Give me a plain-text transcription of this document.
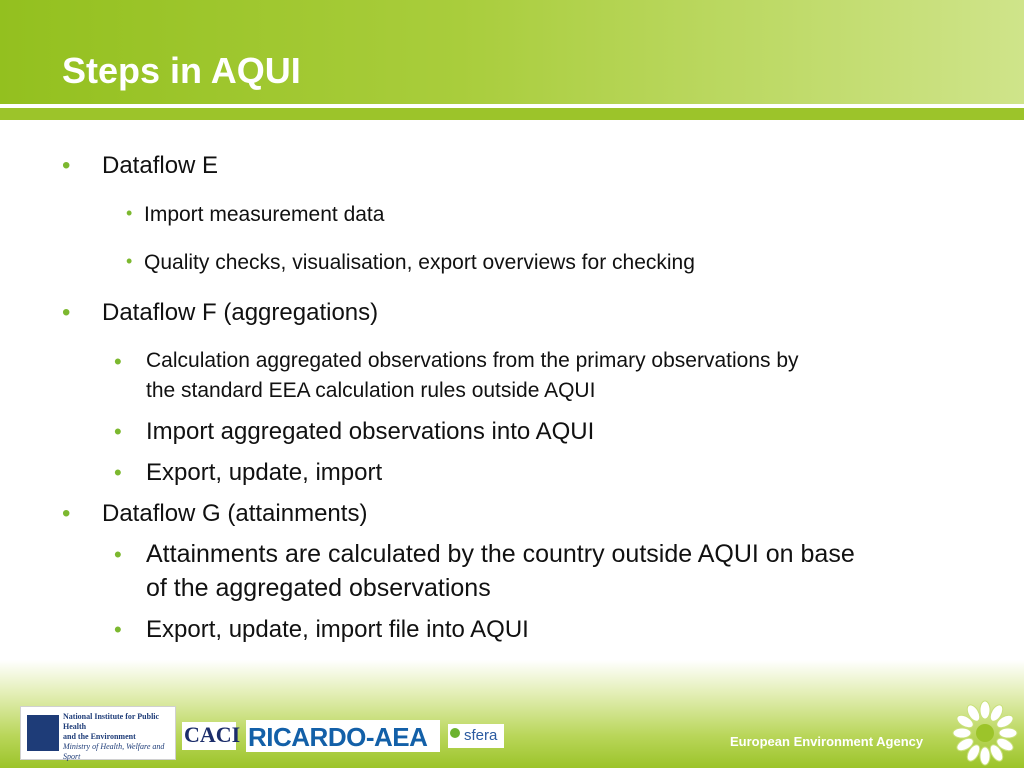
Steps in AQUI
• Dataflow E
• Import measurement data
• Quality checks, visualisation, export overviews for checking
• Dataflow F (aggregations)
• Calculation aggregated observations from the primary observations by
the standard EEA calculation rules outside AQUI
• Import aggregated observations into AQUI
• Export, update, import
• Dataflow G (attainments)
• Attainments are calculated by the country outside AQUI on base
of the aggregated observations
• Export, update, import file into AQUI
National Institute for Public Health
and the Environment
Ministry of Health, Welfare and Sport
CACI RICARDO-AEA sfera	European Environment Agency
